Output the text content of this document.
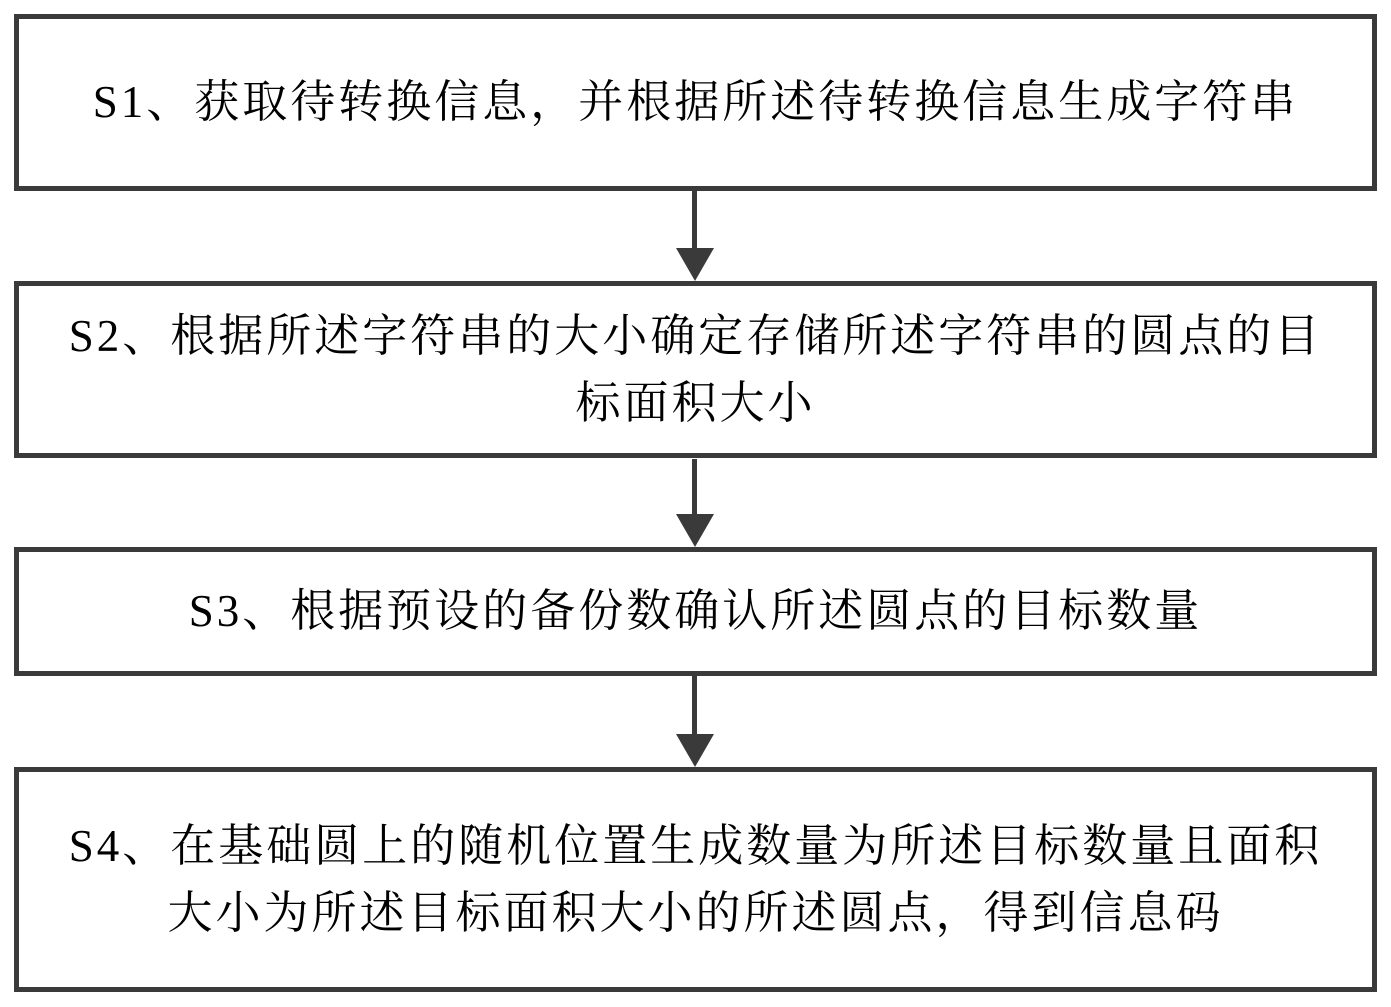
S1、获取待转换信息，并根据所述待转换信息生成字符串
S2、根据所述字符串的大小确定存储所述字符串的圆点的目
标面积大小
S3、根据预设的备份数确认所述圆点的目标数量
S4、在基础圆上的随机位置生成数量为所述目标数量且面积
大小为所述目标面积大小的所述圆点，得到信息码
